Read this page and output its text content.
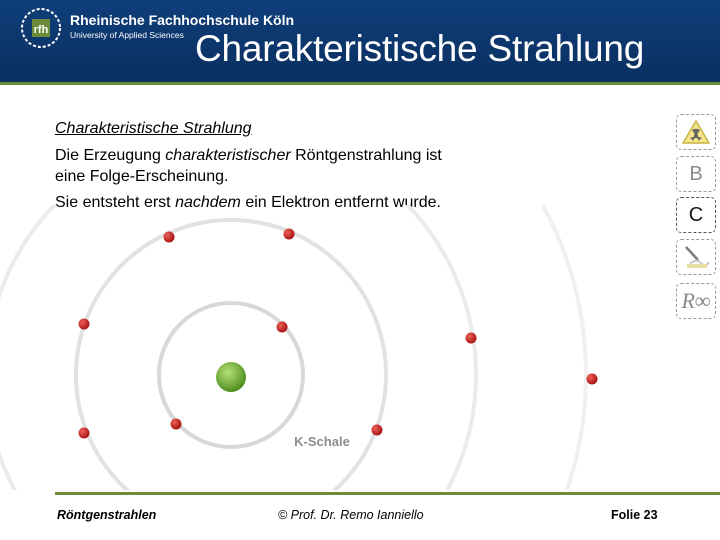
rfh
Rheinische Fachhochschule Köln
University of Applied Sciences Charakteristische Strahlung
Charakteristische Strahlung

Die Erzeugung charakteristischer Röntgenstrahlung ist
eine Folge-Erscheinung.

Sie entsteht erst nachdem ein Elektron entfernt wurde.

K-Schale
B
C
R∞
Röntgenstrahlen	© Prof. Dr. Remo Ianniello	Folie 23
